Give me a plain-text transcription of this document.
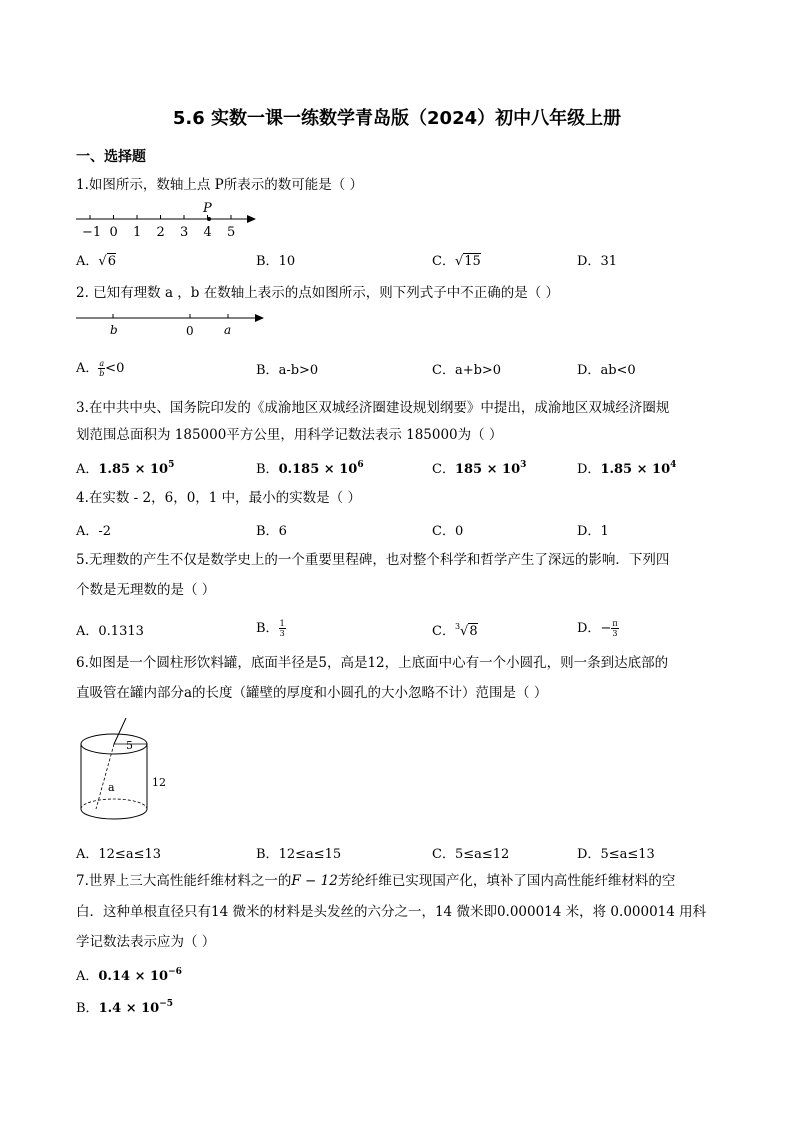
5.6 实数一课一练数学青岛版（2024）初中八年级上册
一、选择题
1.如图所示，数轴上点 P所表示的数可能是（ ）
−1 0 1 2 3 4 5
P
A．√6	B．10	C．√15	D．31
2. 已知有理数 a ，b 在数轴上表示的点如图所示，则下列式子中不正确的是（ ）
b	0	a
A． $\frac{a}{b} <0$	B．a-b>0	C．a+b>0	D．ab<0
3.在中共中央、国务院印发的《成渝地区双城经济圈建设规划纲要》中提出，成渝地区双城经济圈规
划范围总面积为 185000平方公里，用科学记数法表示 185000为（ ）
A．$1.85 \times 10^5$	B．$0.185 \times 10^6$	C．$185 \times 10^3$	D．$1.85 \times 10^4$
4.在实数 - 2，6，0，1 中，最小的实数是（ ）
A．-2	B．6	C．0	D．1
5.无理数的产生不仅是数学史上的一个重要里程碑，也对整个科学和哲学产生了深远的影响．下列四
个数是无理数的是（ ）
A．0.1313	B． $\frac{1}{3}$	C．$^3$√8	D．− $\frac{\pi}{3}$
6.如图是一个圆柱形饮料罐，底面半径是5，高是12，上底面中心有一个小圆孔，则一条到达底部的
直吸管在罐内部分a的长度（罐壁的厚度和小圆孔的大小忽略不计）范围是（ ）
5
12
a
A．12≤a≤13	B．12≤a≤15	C．5≤a≤12	D．5≤a≤13
7.世界上三大高性能纤维材料之一的F − 12芳纶纤维已实现国产化，填补了国内高性能纤维材料的空
白．这种单根直径只有14 微米的材料是头发丝的六分之一，14 微米即0.000014 米，将 0.000014 用科
学记数法表示应为（ ）
A．$0.14 \times 10^{-6}$
B．$1.4 \times 10^{-5}$
